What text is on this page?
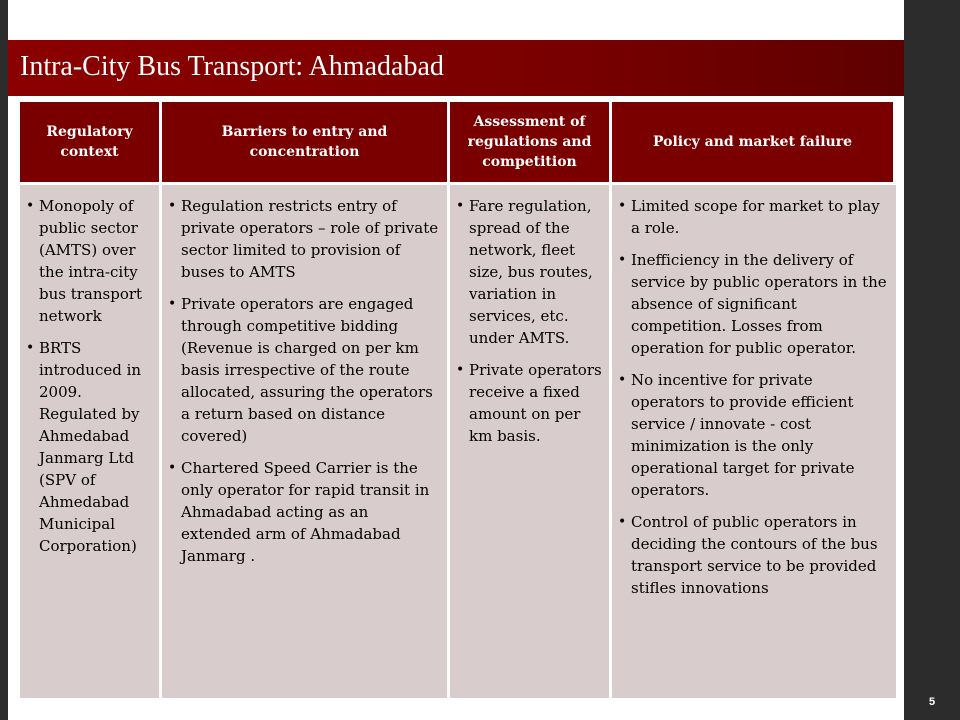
5
Intra-City Bus Transport: Ahmadabad
Regulatory context
Barriers to entry and concentration
Assessment of regulations and competition
Policy and market failure
• Monopoly of public sector (AMTS) over the intra-city bus transport network
• BRTS introduced in 2009. Regulated by Ahmedabad Janmarg Ltd (SPV of Ahmedabad Municipal Corporation)
• Regulation restricts entry of private operators – role of private sector limited to provision of buses to AMTS
• Private operators are engaged through competitive bidding (Revenue is charged on per km basis irrespective of the route allocated, assuring the operators a return based on distance covered)
• Chartered Speed Carrier is the only operator for rapid transit in Ahmadabad acting as an extended arm of Ahmadabad Janmarg .
• Fare regulation, spread of the network, fleet size, bus routes, variation in services, etc. under AMTS.
• Private operators receive a fixed amount on per km basis.
• Limited scope for market to play a role.
• Inefficiency in the delivery of service by public operators in the absence of significant competition. Losses from operation for public operator.
• No incentive for private operators to provide efficient service / innovate - cost minimization is the only operational target for private operators.
• Control of public operators in deciding the contours of the bus transport service to be provided stifles innovations
